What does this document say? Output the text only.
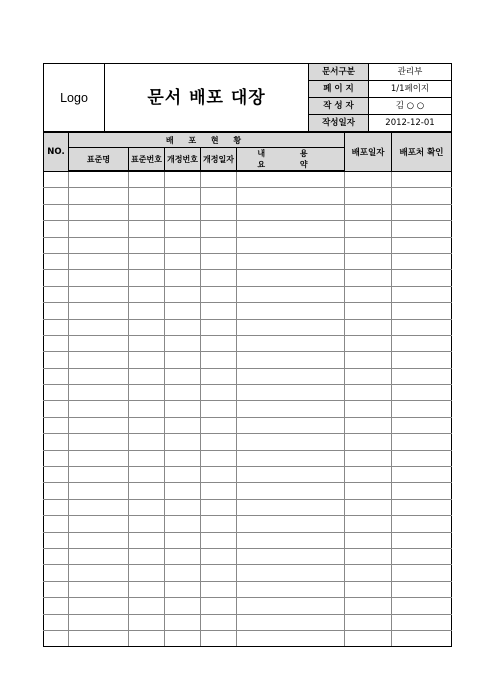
Logo	문서 배포 대장	문서구분	관리부
		페 이 지	1/1페이지
		작 성 자	김 ○ ○
		작성일자	2012-12-01
NO.	배 포 현 황					배포일자	배포처 확인
	표준명	표준번호	개정번호	개정일자	내 용 요 약		
